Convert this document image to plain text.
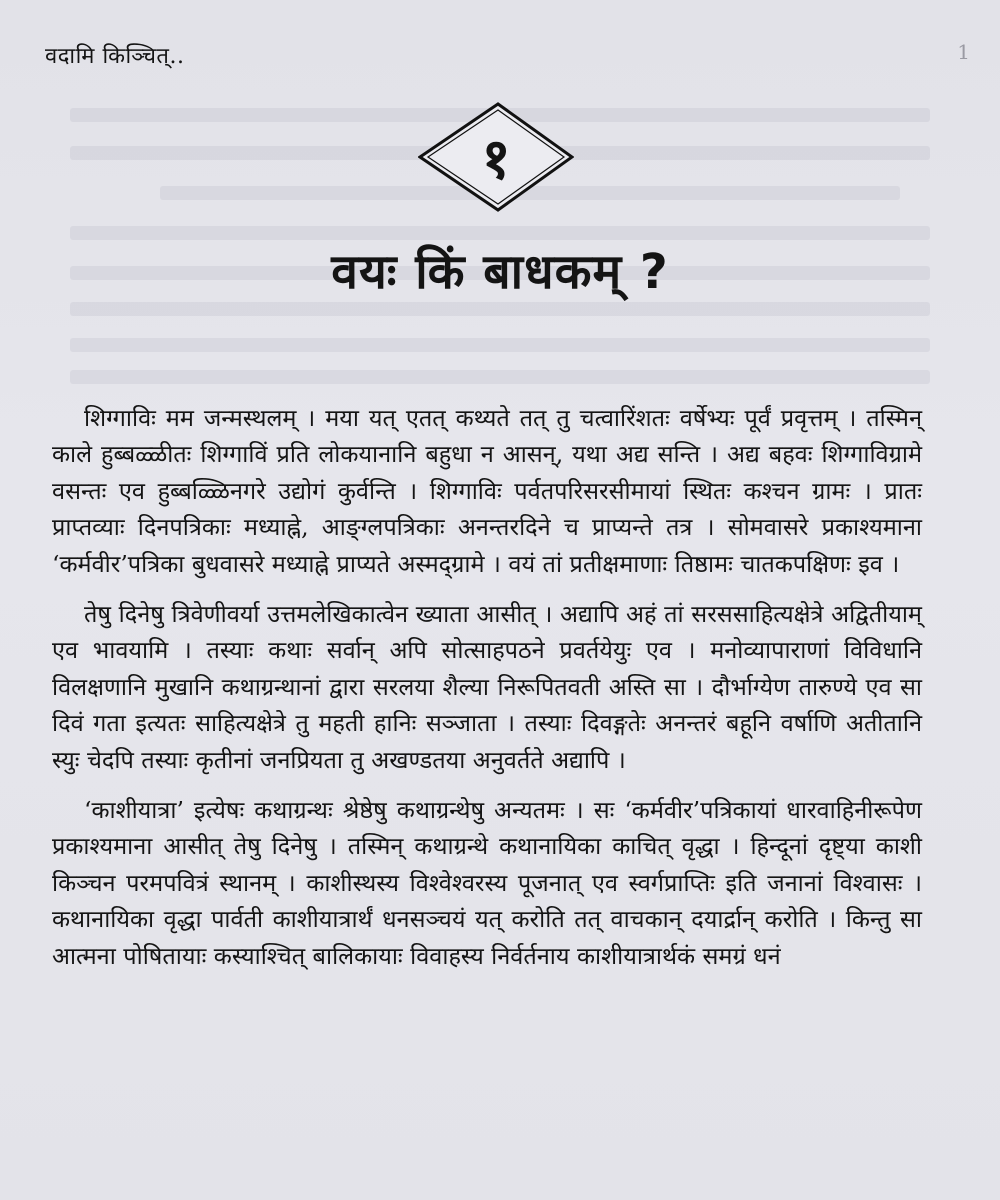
वदामि किञ्चित्..	1
१
वयः किं बाधकम् ?

शिग्गाविः मम जन्मस्थलम् । मया यत् एतत् कथ्यते तत् तु चत्वारिंशतः वर्षेभ्यः पूर्वं प्रवृत्तम् । तस्मिन् काले हुब्बळ्ळीतः शिग्गाविं प्रति लोकयानानि बहुधा न आसन्, यथा अद्य सन्ति । अद्य बहवः शिग्गाविग्रामे वसन्तः एव हुब्बळ्ळिनगरे उद्योगं कुर्वन्ति । शिग्गाविः पर्वतपरिसरसीमायां स्थितः कश्चन ग्रामः । प्रातः प्राप्तव्याः दिनपत्रिकाः मध्याह्ने, आङ्ग्लपत्रिकाः अनन्तरदिने च प्राप्यन्ते तत्र । सोमवासरे प्रकाश्यमाना ‘कर्मवीर’पत्रिका बुधवासरे मध्याह्ने प्राप्यते अस्मद्ग्रामे । वयं तां प्रतीक्षमाणाः तिष्ठामः चातकपक्षिणः इव ।

तेषु दिनेषु त्रिवेणीवर्या उत्तमलेखिकात्वेन ख्याता आसीत् । अद्यापि अहं तां सरससाहित्यक्षेत्रे अद्वितीयाम् एव भावयामि । तस्याः कथाः सर्वान् अपि सोत्साहपठने प्रवर्तयेयुः एव । मनोव्यापाराणां विविधानि विलक्षणानि मुखानि कथाग्रन्थानां द्वारा सरलया शैल्या निरूपितवती अस्ति सा । दौर्भाग्येण तारुण्ये एव सा दिवं गता इत्यतः साहित्यक्षेत्रे तु महती हानिः सञ्जाता । तस्याः दिवङ्गतेः अनन्तरं बहूनि वर्षाणि अतीतानि स्युः चेदपि तस्याः कृतीनां जनप्रियता तु अखण्डतया अनुवर्तते अद्यापि ।

‘काशीयात्रा’ इत्येषः कथाग्रन्थः श्रेष्ठेषु कथाग्रन्थेषु अन्यतमः । सः ‘कर्मवीर’पत्रिकायां धारवाहिनीरूपेण प्रकाश्यमाना आसीत् तेषु दिनेषु । तस्मिन् कथाग्रन्थे कथानायिका काचित् वृद्धा । हिन्दूनां दृष्ट्या काशी किञ्चन परमपवित्रं स्थानम् । काशीस्थस्य विश्वेश्वरस्य पूजनात् एव स्वर्गप्राप्तिः इति जनानां विश्वासः । कथानायिका वृद्धा पार्वती काशीयात्रार्थं धनसञ्चयं यत् करोति तत् वाचकान् दयार्द्रान् करोति । किन्तु सा आत्मना पोषितायाः कस्याश्चित् बालिकायाः विवाहस्य निर्वर्तनाय काशीयात्रार्थकं समग्रं धनं
